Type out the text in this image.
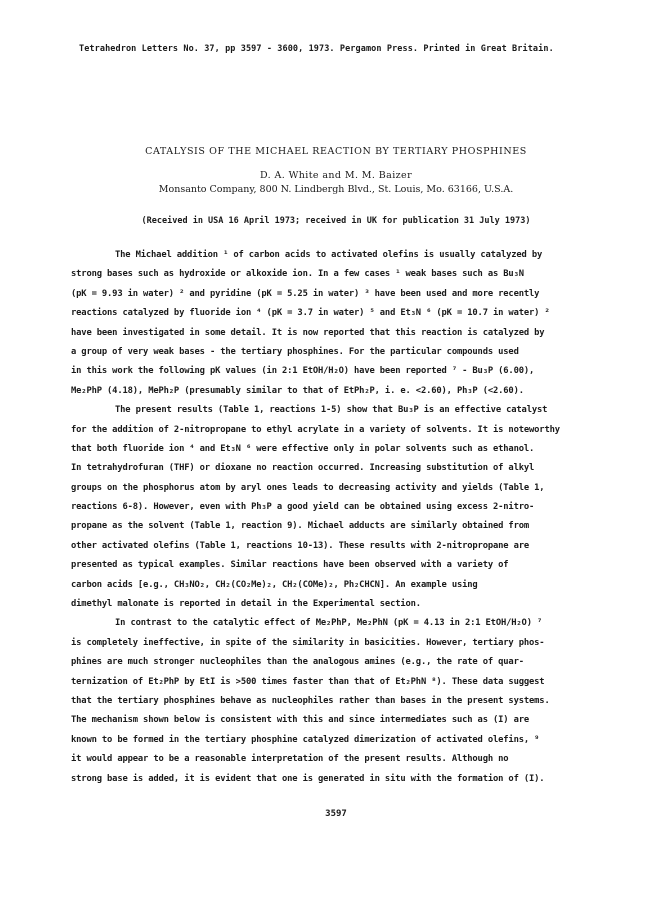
Tetrahedron Letters No. 37, pp 3597 - 3600, 1973. Pergamon Press. Printed in Great Britain.
CATALYSIS OF THE MICHAEL REACTION BY TERTIARY PHOSPHINES
D. A. White and M. M. Baizer
Monsanto Company, 800 N. Lindbergh Blvd., St. Louis, Mo. 63166, U.S.A.
(Received in USA 16 April 1973; received in UK for publication 31 July 1973)
The Michael addition ¹ of carbon acids to activated olefins is usually catalyzed by
strong bases such as hydroxide or alkoxide ion. In a few cases ¹ weak bases such as Bu₃N
(pK = 9.93 in water) ² and pyridine (pK = 5.25 in water) ³ have been used and more recently
reactions catalyzed by fluoride ion ⁴ (pK = 3.7 in water) ⁵ and Et₃N ⁶ (pK = 10.7 in water) ²
have been investigated in some detail. It is now reported that this reaction is catalyzed by
a group of very weak bases - the tertiary phosphines. For the particular compounds used
in this work the following pK values (in 2:1 EtOH/H₂O) have been reported ⁷ - Bu₃P (6.00),
Me₂PhP (4.18), MePh₂P (presumably similar to that of EtPh₂P, i. e. <2.60), Ph₃P (<2.60).
The present results (Table 1, reactions 1-5) show that Bu₃P is an effective catalyst
for the addition of 2-nitropropane to ethyl acrylate in a variety of solvents. It is noteworthy
that both fluoride ion ⁴ and Et₃N ⁶ were effective only in polar solvents such as ethanol.
In tetrahydrofuran (THF) or dioxane no reaction occurred. Increasing substitution of alkyl
groups on the phosphorus atom by aryl ones leads to decreasing activity and yields (Table 1,
reactions 6-8). However, even with Ph₃P a good yield can be obtained using excess 2-nitro-
propane as the solvent (Table 1, reaction 9). Michael adducts are similarly obtained from
other activated olefins (Table 1, reactions 10-13). These results with 2-nitropropane are
presented as typical examples. Similar reactions have been observed with a variety of
carbon acids [e.g., CH₃NO₂, CH₂(CO₂Me)₂, CH₂(COMe)₂, Ph₂CHCN]. An example using
dimethyl malonate is reported in detail in the Experimental section.
In contrast to the catalytic effect of Me₂PhP, Me₂PhN (pK = 4.13 in 2:1 EtOH/H₂O) ⁷
is completely ineffective, in spite of the similarity in basicities. However, tertiary phos-
phines are much stronger nucleophiles than the analogous amines (e.g., the rate of quar-
ternization of Et₂PhP by EtI is >500 times faster than that of Et₂PhN ⁸). These data suggest
that the tertiary phosphines behave as nucleophiles rather than bases in the present systems.
The mechanism shown below is consistent with this and since intermediates such as (I) are
known to be formed in the tertiary phosphine catalyzed dimerization of activated olefins, ⁹
it would appear to be a reasonable interpretation of the present results. Although no
strong base is added, it is evident that one is generated in situ with the formation of (I).
3597
